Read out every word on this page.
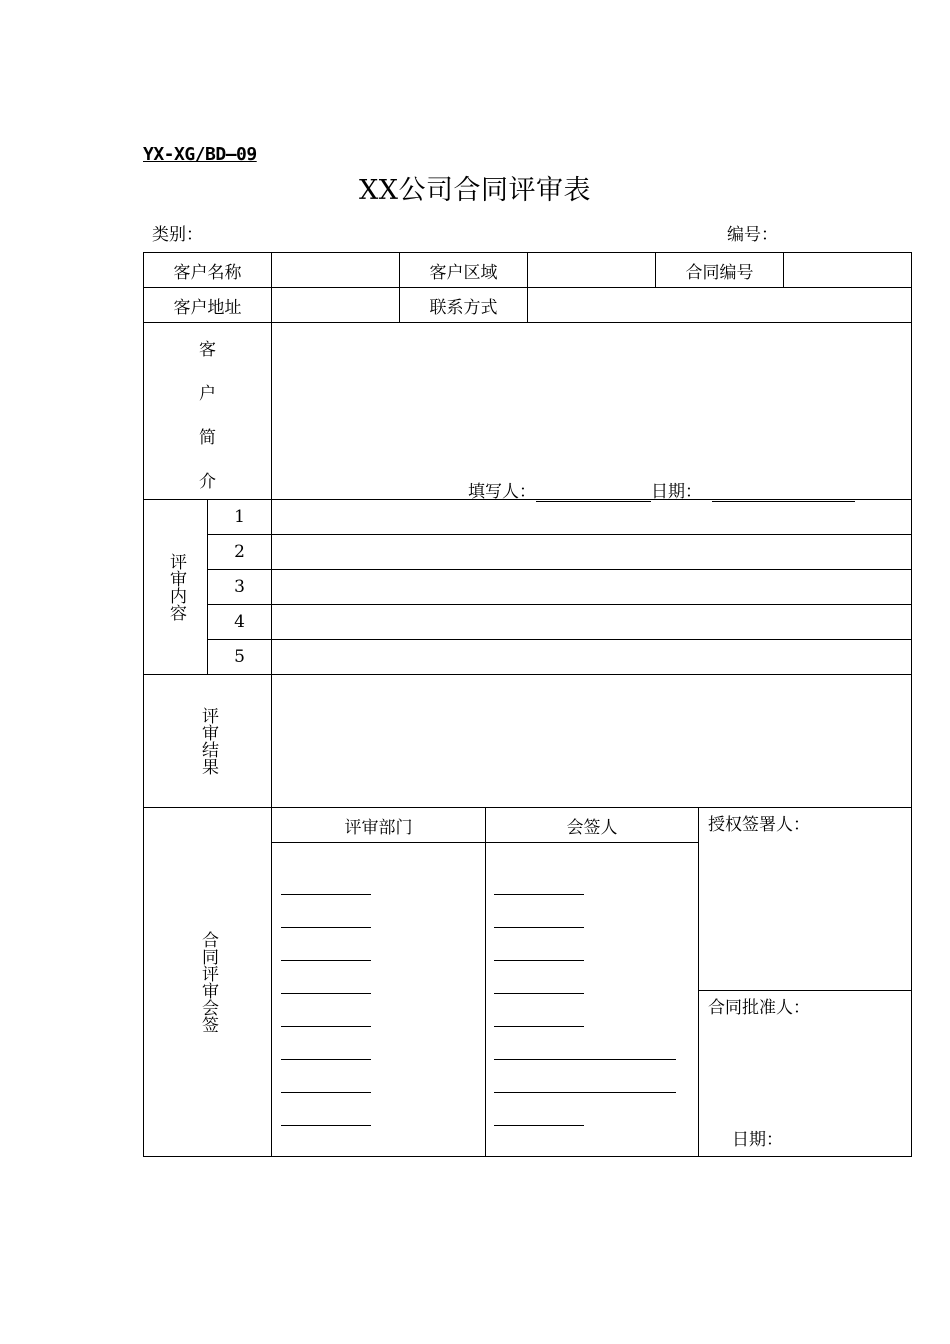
YX-XG/BD—09
XX公司合同评审表
类别：	编号：
客户名称	客户区域	合同编号
客户地址	联系方式
客
户
简
介	填写人：	日期：
评审内容
1
2
3
4
5
评审结果
合同评审会签
评审部门	会签人	授权签署人：
合同批准人：
日期：
